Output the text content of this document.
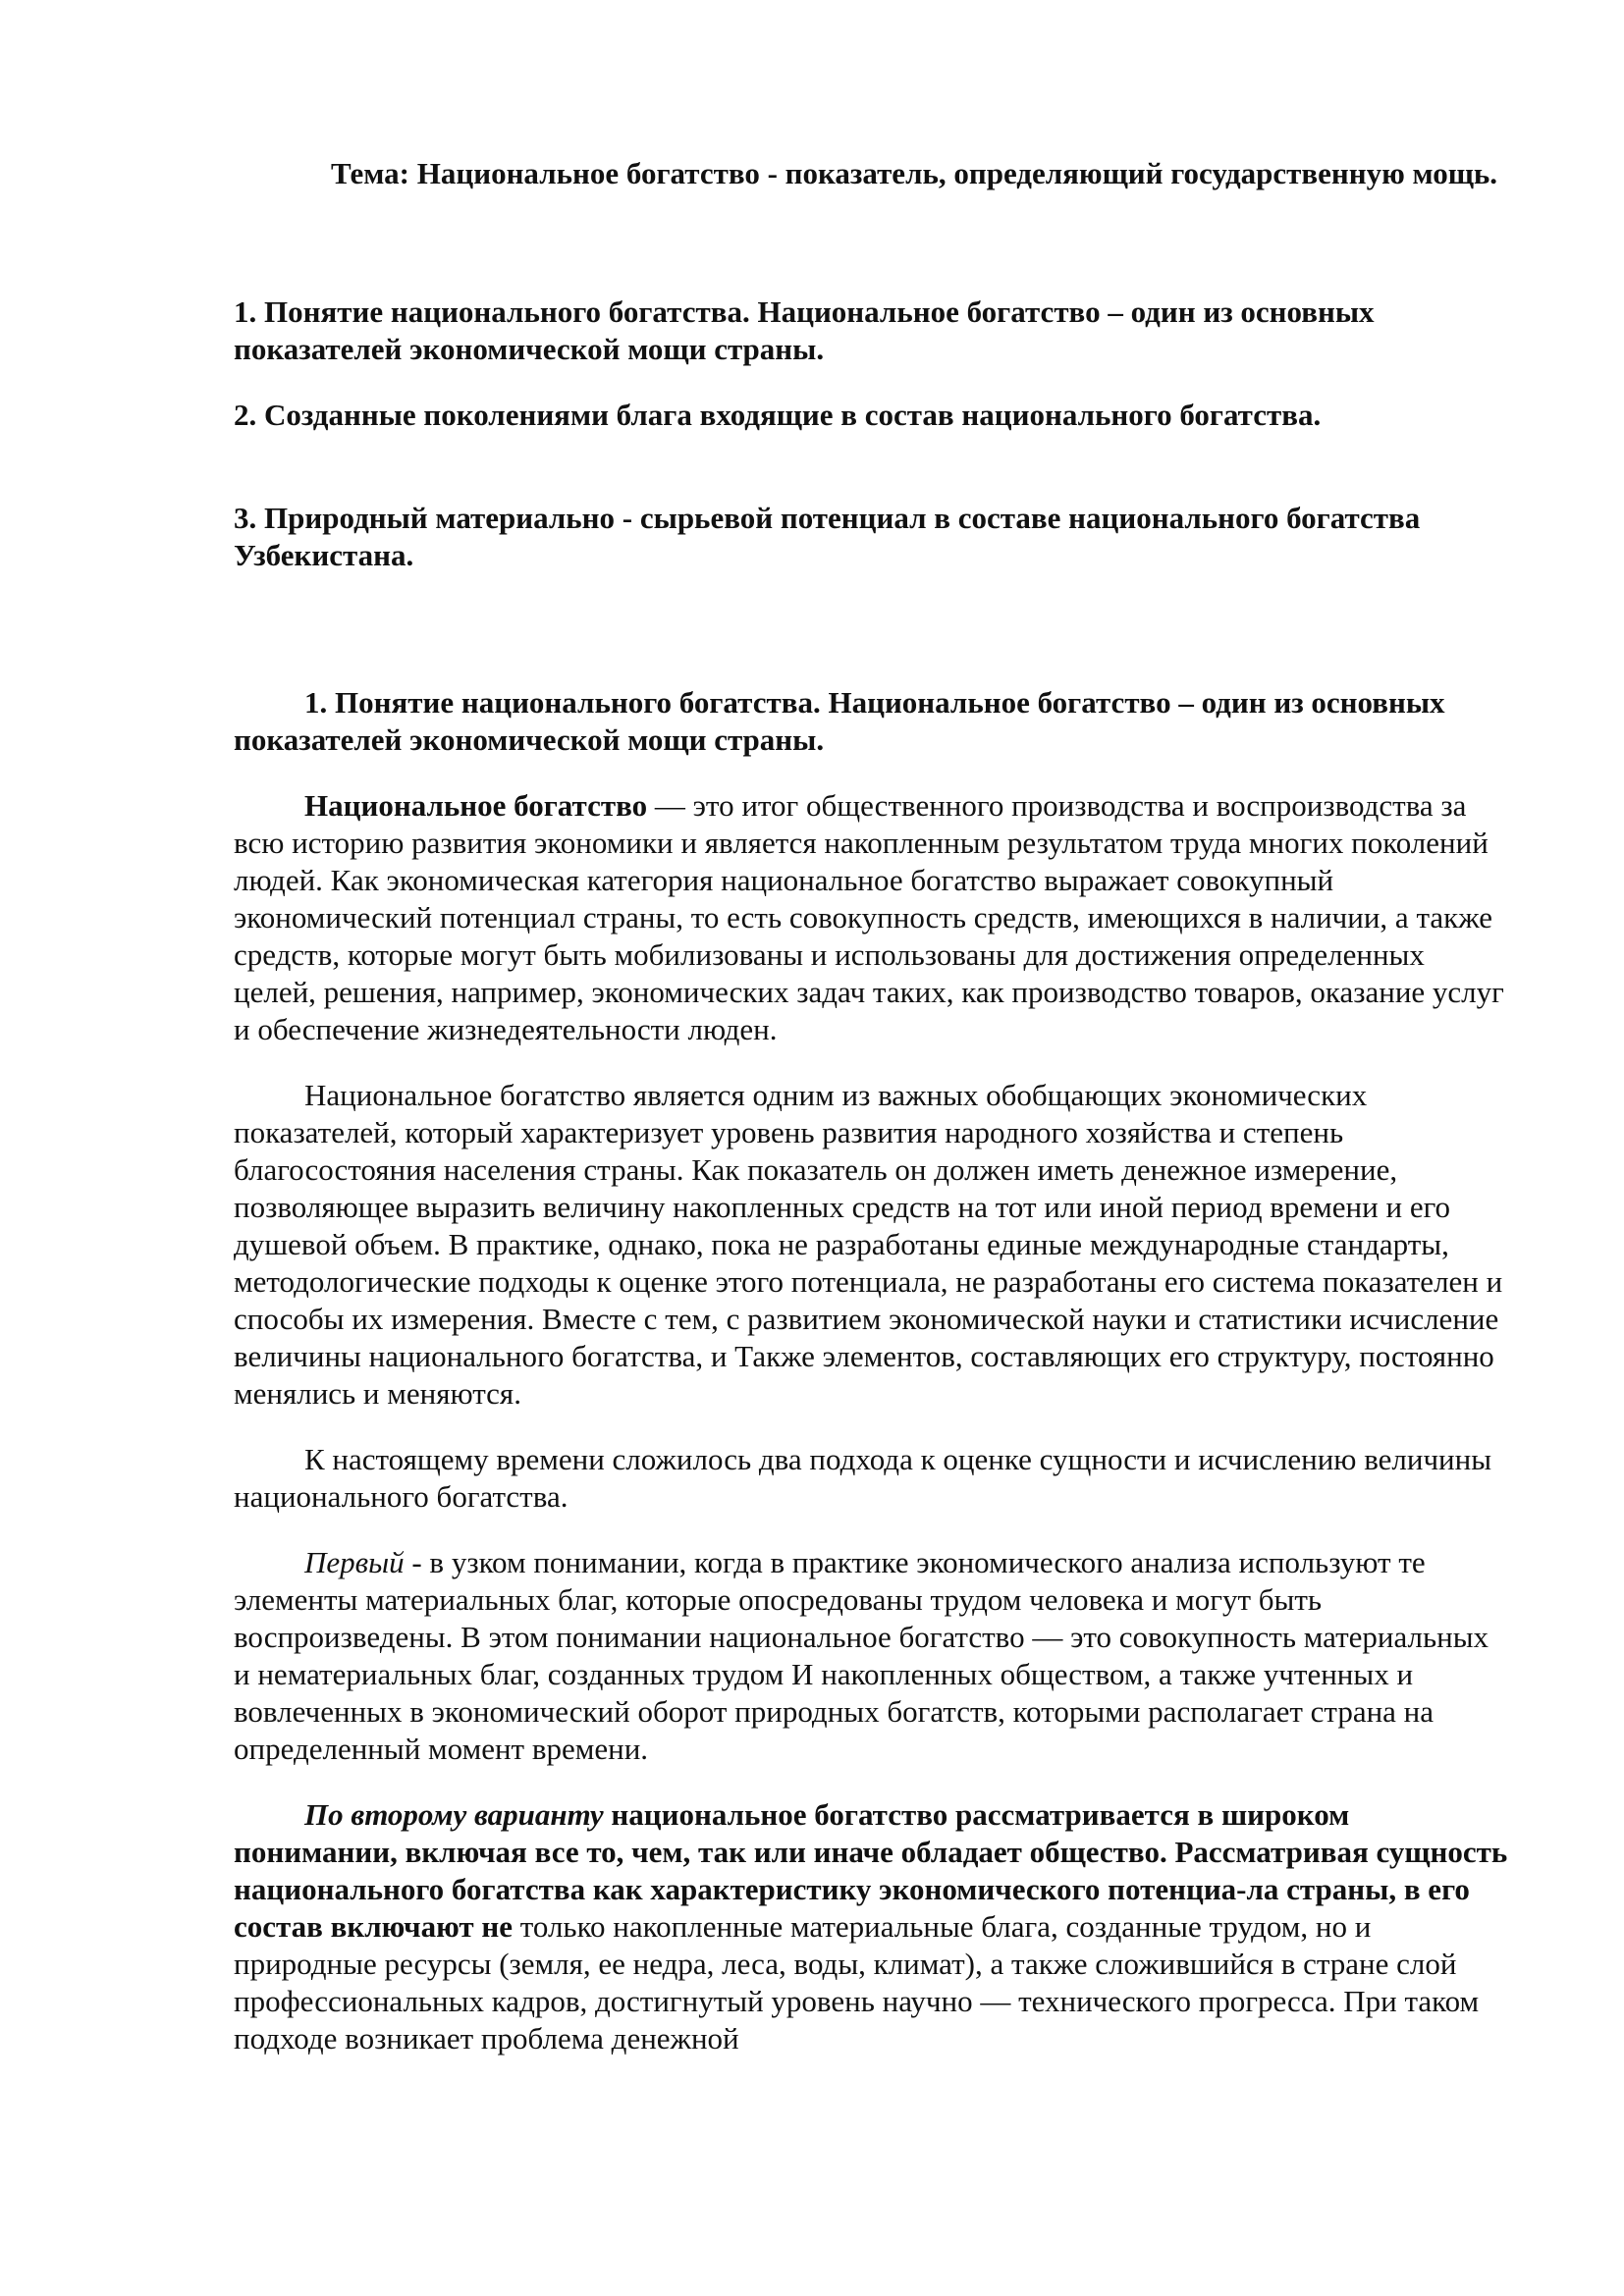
Тема: Национальное богатство - показатель, определяющий государственную мощь.

1. Понятие национального богатства. Национальное богатство – один из основных показателей экономической мощи страны.

2. Созданные поколениями блага входящие в состав национального богатства.

3. Природный материально - сырьевой потенциал в составе национального богатства Узбекистана.

1. Понятие национального богатства. Национальное богатство – один из основных показателей экономической мощи страны.

Национальное богатство — это итог общественного производства и воспроизводства за всю историю развития экономики и является накопленным результатом труда многих поколений людей. Как экономическая категория национальное богатство выражает совокупный экономический потенциал страны, то есть совокупность средств, имеющихся в наличии, а также средств, которые могут быть мобилизованы и использованы для достижения определенных целей, решения, например, экономических задач таких, как производство товаров, оказание услуг и обеспечение жизнедеятельности люден.

Национальное богатство является одним из важных обобщающих экономических показателей, который характеризует уровень развития народного хозяйства и степень благосостояния населения страны. Как показатель он должен иметь денежное измерение, позволяющее выразить величину накопленных средств на тот или иной период времени и его душевой объем. В практике, однако, пока не разработаны единые международные стандарты, методологические подходы к оценке этого потенциала, не разработаны его система показателен и способы их измерения. Вместе с тем, с развитием экономической науки и статистики исчисление величины национального богатства, и Также элементов, составляющих его структуру, постоянно менялись и меняются.

К настоящему времени сложилось два подхода к оценке сущности и исчислению величины национального богатства.

Первый - в узком понимании, когда в практике экономического анализа используют те элементы материальных благ, которые опосредованы трудом человека и могут быть воспроизведены. В этом понимании национальное богатство — это совокупность материальных и нематериальных благ, созданных трудом И накопленных обществом, а также учтенных и вовлеченных в экономический оборот природных богатств, которыми располагает страна на определенный момент времени.

По второму варианту национальное богатство рассматривается в широком понимании, включая все то, чем, так или иначе обладает общество. Рассматривая сущность национального богатства как характеристику экономического потенциа-ла страны, в его состав включают не только накопленные материальные блага, созданные трудом, но и природные ресурсы (земля, ее недра, леса, воды, климат), а также сложившийся в стране слой профессиональных кадров, достигнутый уровень научно — технического прогресса. При таком подходе возникает проблема денежной
